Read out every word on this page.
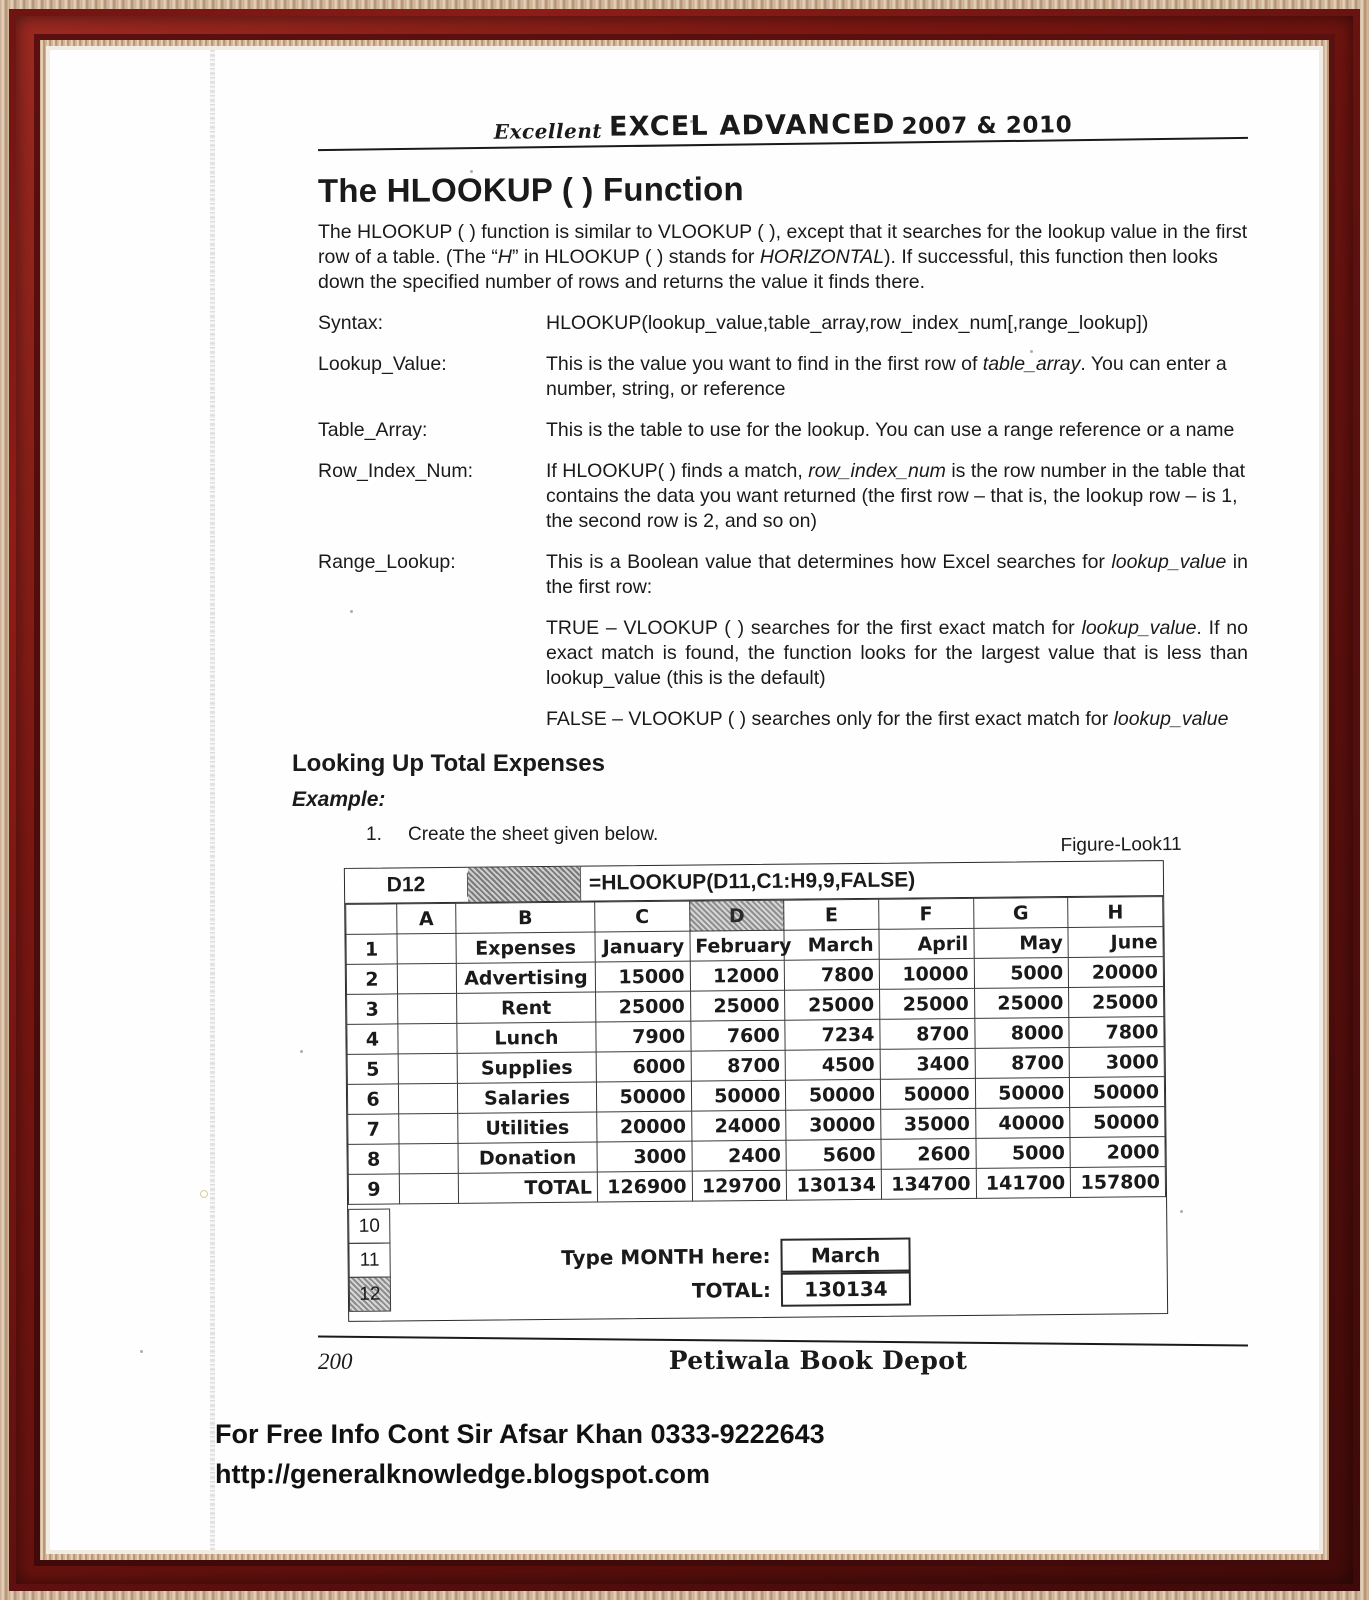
Excellent EXCEL ADVANCED 2007 & 2010
The HLOOKUP ( ) Function

The HLOOKUP ( ) function is similar to VLOOKUP ( ), except that it searches for the lookup value in the first row of a table. (The “H” in HLOOKUP ( ) stands for HORIZONTAL). If successful, this function then looks down the specified number of rows and returns the value it finds there.

Syntax:	HLOOKUP(lookup_value,table_array,row_index_num[,range_lookup])
Lookup_Value:	This is the value you want to find in the first row of table_array. You can enter a number, string, or reference
Table_Array:	This is the table to use for the lookup. You can use a range reference or a name
Row_Index_Num:	If HLOOKUP( ) finds a match, row_index_num is the row number in the table that contains the data you want returned (the first row – that is, the lookup row – is 1, the second row is 2, and so on)
Range_Lookup:	This is a Boolean value that determines how Excel searches for lookup_value in the first row:
TRUE – VLOOKUP ( ) searches for the first exact match for lookup_value. If no exact match is found, the function looks for the largest value that is less than lookup_value (this is the default)
FALSE – VLOOKUP ( ) searches only for the first exact match for lookup_value
Looking Up Total Expenses
Example:
1. Create the sheet given below.	Figure-Look11
D12	=HLOOKUP(D11,C1:H9,9,FALSE)
	A	B	C	D	E	F	G	H
1		Expenses	January	February	March	April	May	June
2		Advertising	15000	12000	7800	10000	5000	20000
3		Rent	25000	25000	25000	25000	25000	25000
4		Lunch	7900	7600	7234	8700	8000	7800
5		Supplies	6000	8700	4500	3400	8700	3000
6		Salaries	50000	50000	50000	50000	50000	50000
7		Utilities	20000	24000	30000	35000	40000	50000
8		Donation	3000	2400	5600	2600	5000	2000
9		TOTAL	126900	129700	130134	134700	141700	157800
10
11	Type MONTH here:	March
12	TOTAL:	130134
200	Petiwala Book Depot
For Free Info Cont Sir Afsar Khan 0333-9222643
http://generalknowledge.blogspot.com
